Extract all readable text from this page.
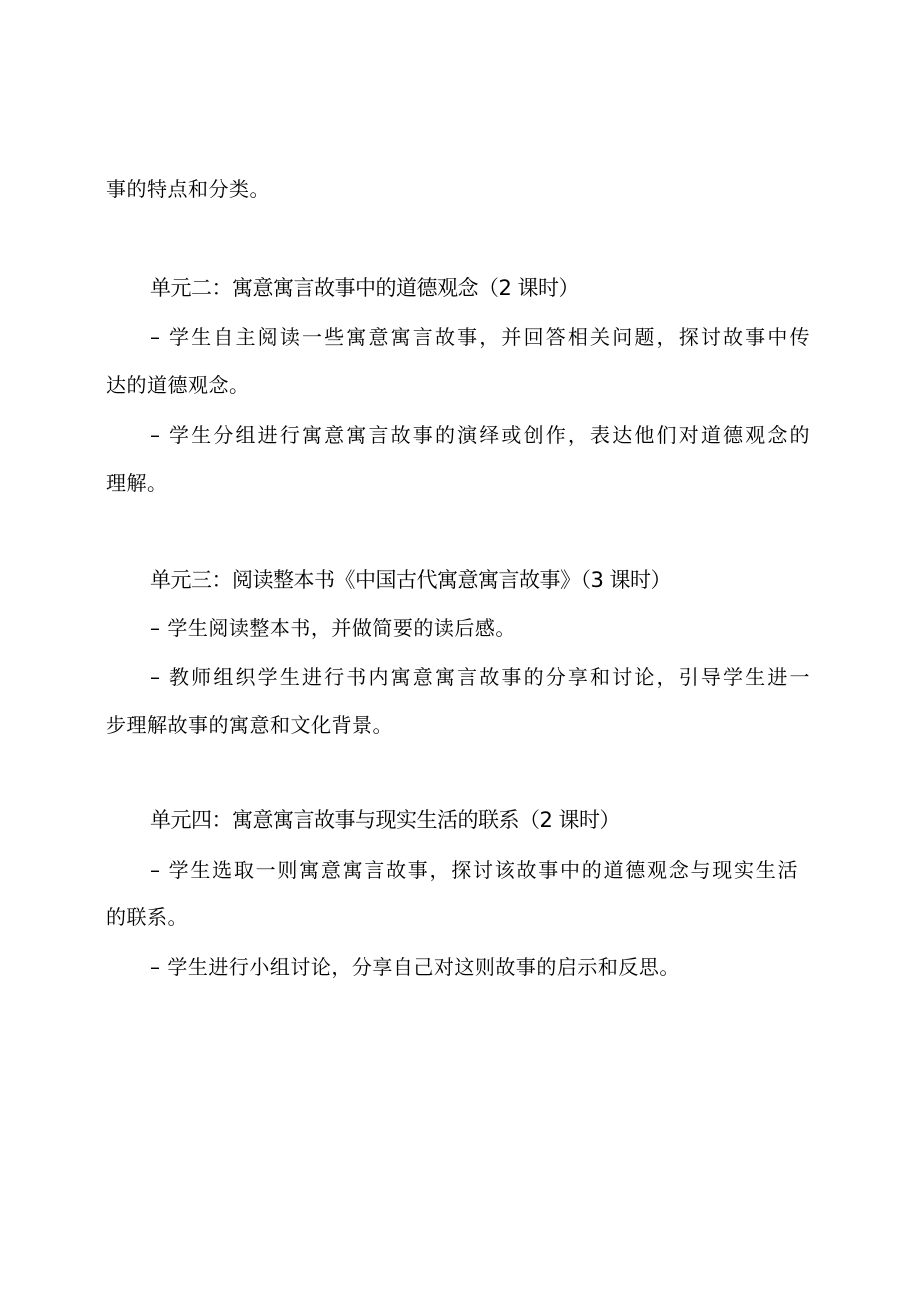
事的特点和分类。
单元二：寓意寓言故事中的道德观念（2 课时）
– 学生自主阅读一些寓意寓言故事，并回答相关问题，探讨故事中传
达的道德观念。
– 学生分组进行寓意寓言故事的演绎或创作，表达他们对道德观念的
理解。
单元三：阅读整本书《中国古代寓意寓言故事》（3 课时）
– 学生阅读整本书，并做简要的读后感。
– 教师组织学生进行书内寓意寓言故事的分享和讨论，引导学生进一
步理解故事的寓意和文化背景。
单元四：寓意寓言故事与现实生活的联系（2 课时）
– 学生选取一则寓意寓言故事，探讨该故事中的道德观念与现实生活
的联系。
– 学生进行小组讨论，分享自己对这则故事的启示和反思。
